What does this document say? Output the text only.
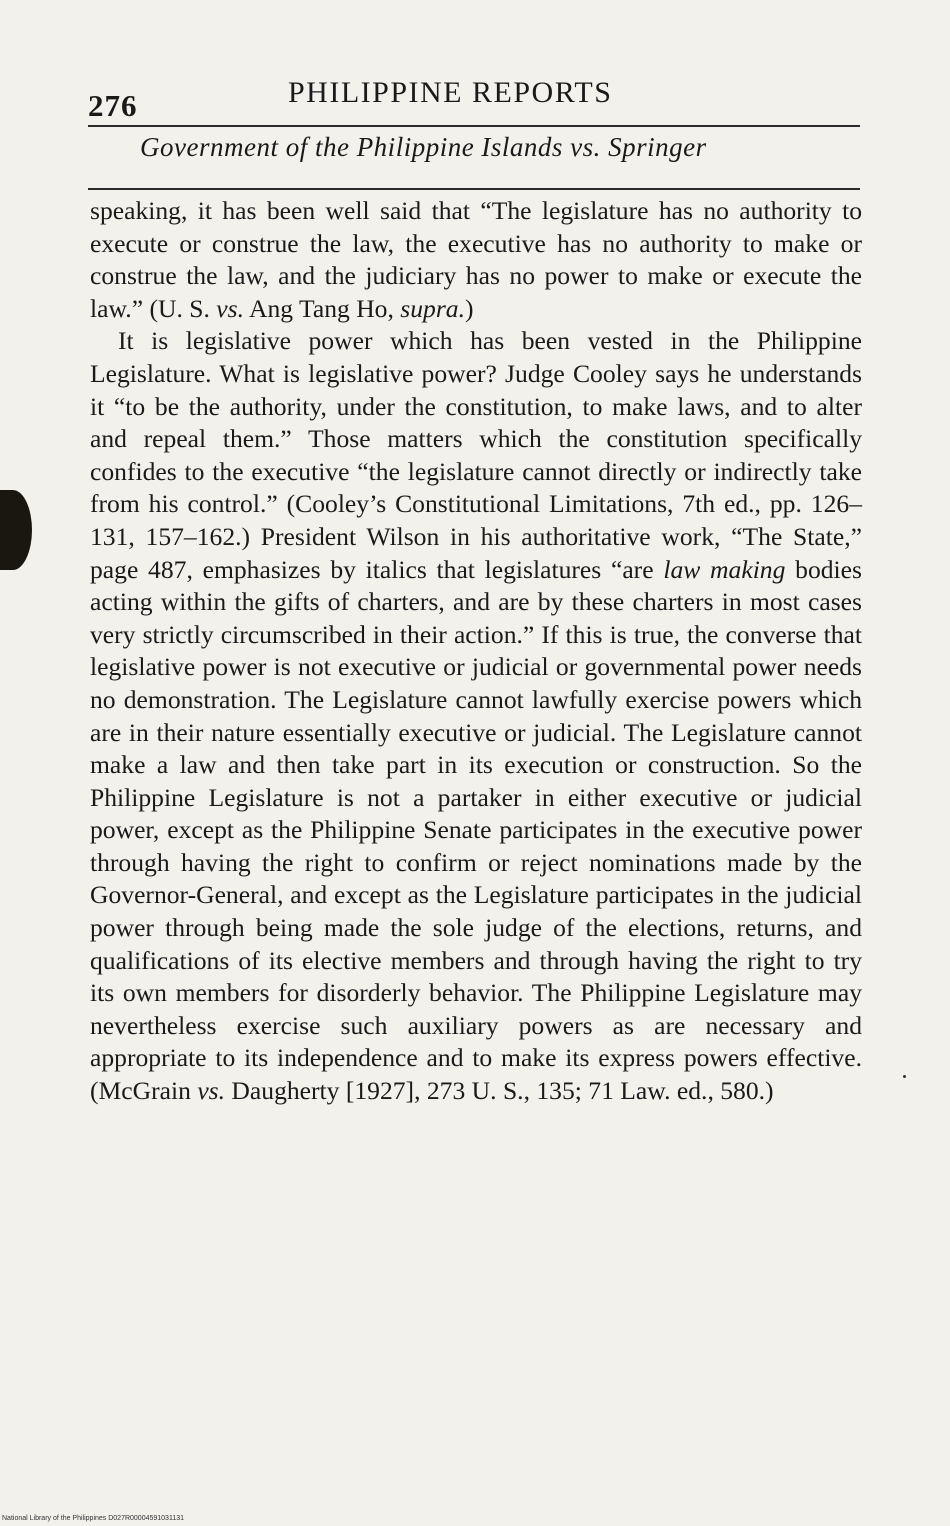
276	PHILIPPINE REPORTS
Government of the Philippine Islands vs. Springer

speaking, it has been well said that “The legislature has no authority to execute or construe the law, the executive has no authority to make or construe the law, and the judiciary has no power to make or execute the law.” (U. S. vs. Ang Tang Ho, supra.)

It is legislative power which has been vested in the Philippine Legislature. What is legislative power? Judge Cooley says he understands it “to be the authority, under the constitution, to make laws, and to alter and repeal them.” Those matters which the constitution specifically confides to the executive “the legislature cannot directly or indirectly take from his control.” (Cooley’s Constitutional Limitations, 7th ed., pp. 126–131, 157–162.) President Wilson in his authoritative work, “The State,” page 487, emphasizes by italics that legislatures “are law making bodies acting within the gifts of charters, and are by these charters in most cases very strictly circumscribed in their action.” If this is true, the converse that legislative power is not executive or judicial or governmental power needs no demonstration. The Legislature cannot lawfully exercise powers which are in their nature essentially executive or judicial. The Legislature cannot make a law and then take part in its execution or construction. So the Philippine Legislature is not a partaker in either executive or judicial power, except as the Philippine Senate participates in the executive power through having the right to confirm or reject nominations made by the Governor-General, and except as the Legislature participates in the judicial power through being made the sole judge of the elections, returns, and qualifications of its elective members and through having the right to try its own members for disorderly behavior. The Philippine Legislature may nevertheless exercise such auxiliary powers as are necessary and appropriate to its independence and to make its express powers effective. (McGrain vs. Daugherty [1927], 273 U. S., 135; 71 Law. ed., 580.)

National Library of the Philippines D027R00004591031131
